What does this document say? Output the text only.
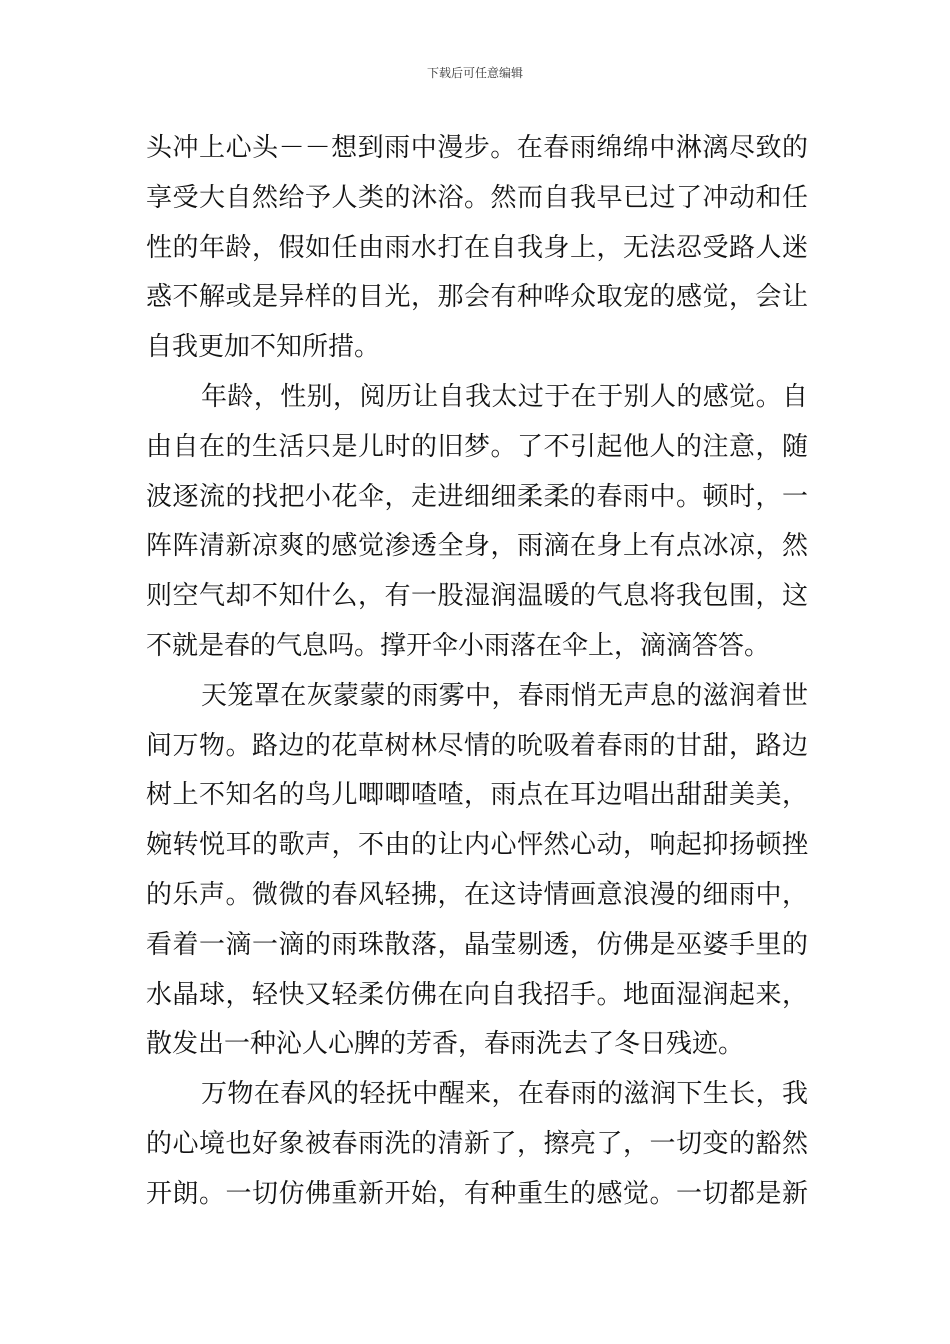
下载后可任意编辑
头冲上心头－－想到雨中漫步。在春雨绵绵中淋漓尽致的
享受大自然给予人类的沐浴。然而自我早已过了冲动和任
性的年龄，假如任由雨水打在自我身上，无法忍受路人迷
惑不解或是异样的目光，那会有种哗众取宠的感觉，会让
自我更加不知所措。
年龄，性别，阅历让自我太过于在于别人的感觉。自
由自在的生活只是儿时的旧梦。了不引起他人的注意，随
波逐流的找把小花伞，走进细细柔柔的春雨中。顿时，一
阵阵清新凉爽的感觉渗透全身，雨滴在身上有点冰凉，然
则空气却不知什么，有一股湿润温暖的气息将我包围，这
不就是春的气息吗。撑开伞小雨落在伞上，滴滴答答。
天笼罩在灰蒙蒙的雨雾中，春雨悄无声息的滋润着世
间万物。路边的花草树林尽情的吮吸着春雨的甘甜，路边
树上不知名的鸟儿唧唧喳喳，雨点在耳边唱出甜甜美美，
婉转悦耳的歌声，不由的让内心怦然心动，响起抑扬顿挫
的乐声。微微的春风轻拂，在这诗情画意浪漫的细雨中，
看着一滴一滴的雨珠散落，晶莹剔透，仿佛是巫婆手里的
水晶球，轻快又轻柔仿佛在向自我招手。地面湿润起来，
散发出一种沁人心脾的芳香，春雨洗去了冬日残迹。
万物在春风的轻抚中醒来，在春雨的滋润下生长，我
的心境也好象被春雨洗的清新了，擦亮了，一切变的豁然
开朗。一切仿佛重新开始，有种重生的感觉。一切都是新
